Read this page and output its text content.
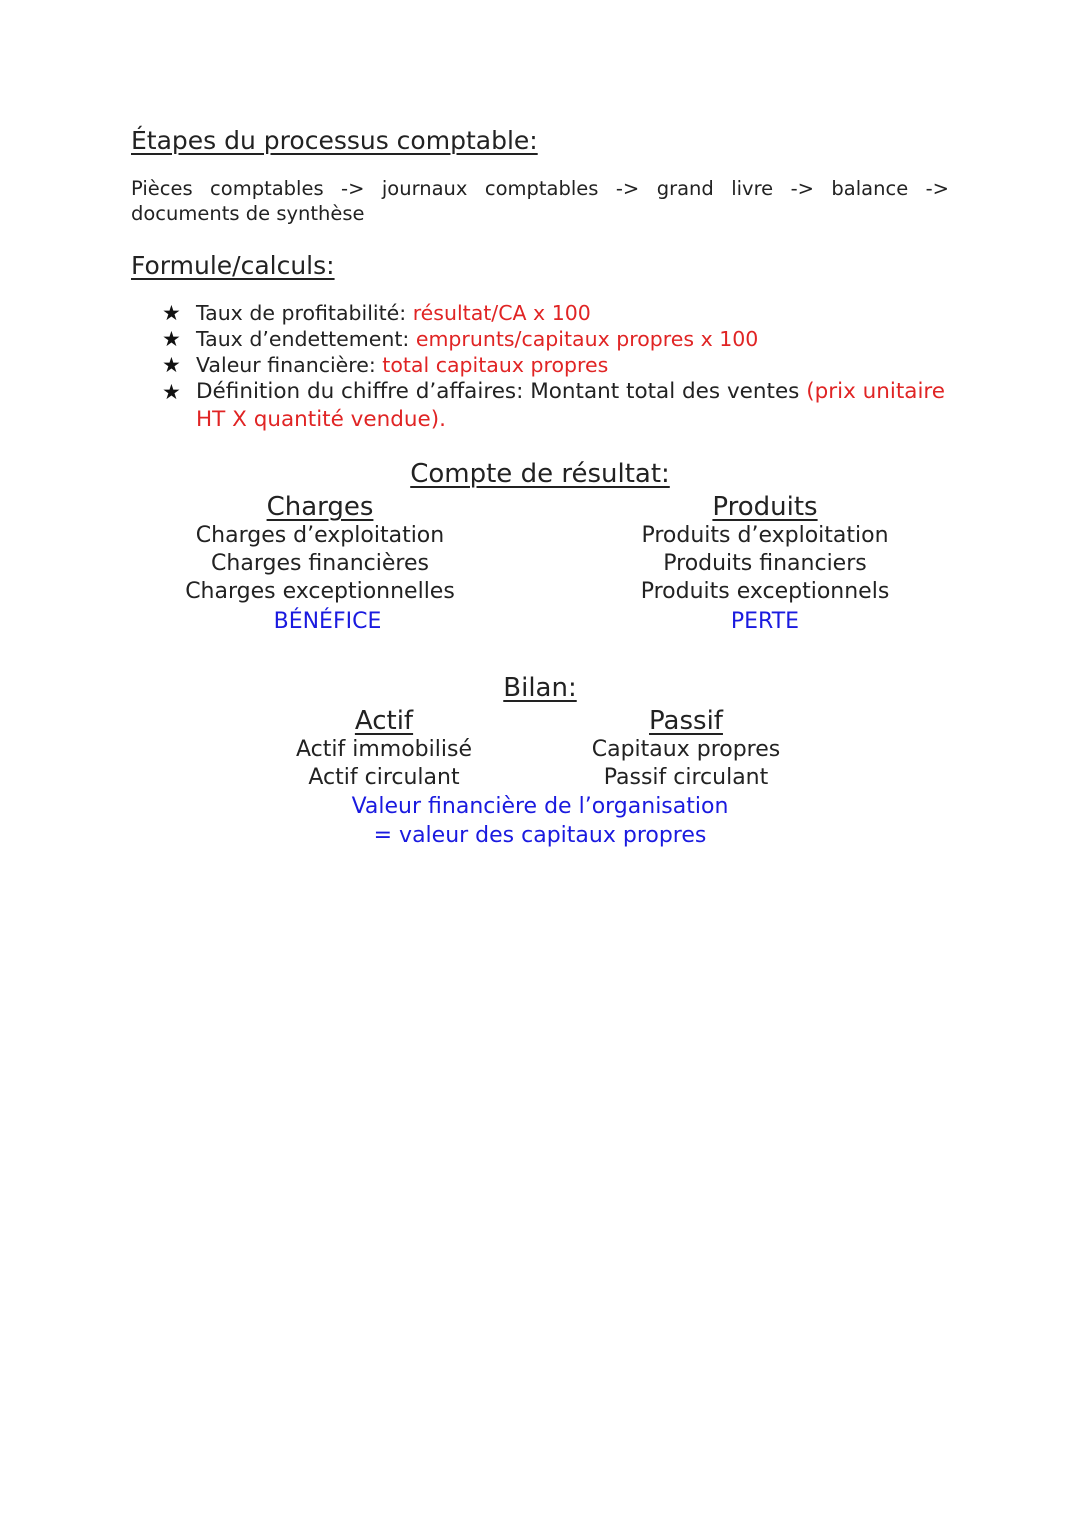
Étapes du processus comptable:
Pièces comptables -> journaux comptables -> grand livre -> balance -> documents de synthèse
Formule/calculs:
★ Taux de profitabilité: résultat/CA x 100
★ Taux d’endettement: emprunts/capitaux propres x 100
★ Valeur financière: total capitaux propres
★ Définition du chiffre d’affaires: Montant total des ventes (prix unitaire HT X quantité vendue).
Compte de résultat:
Charges
Charges d’exploitation
Charges financières
Charges exceptionnelles
BÉNÉFICE
Produits
Produits d’exploitation
Produits financiers
Produits exceptionnels
PERTE
Bilan:
Actif
Actif immobilisé
Actif circulant
Passif
Capitaux propres
Passif circulant
Valeur financière de l’organisation
= valeur des capitaux propres
